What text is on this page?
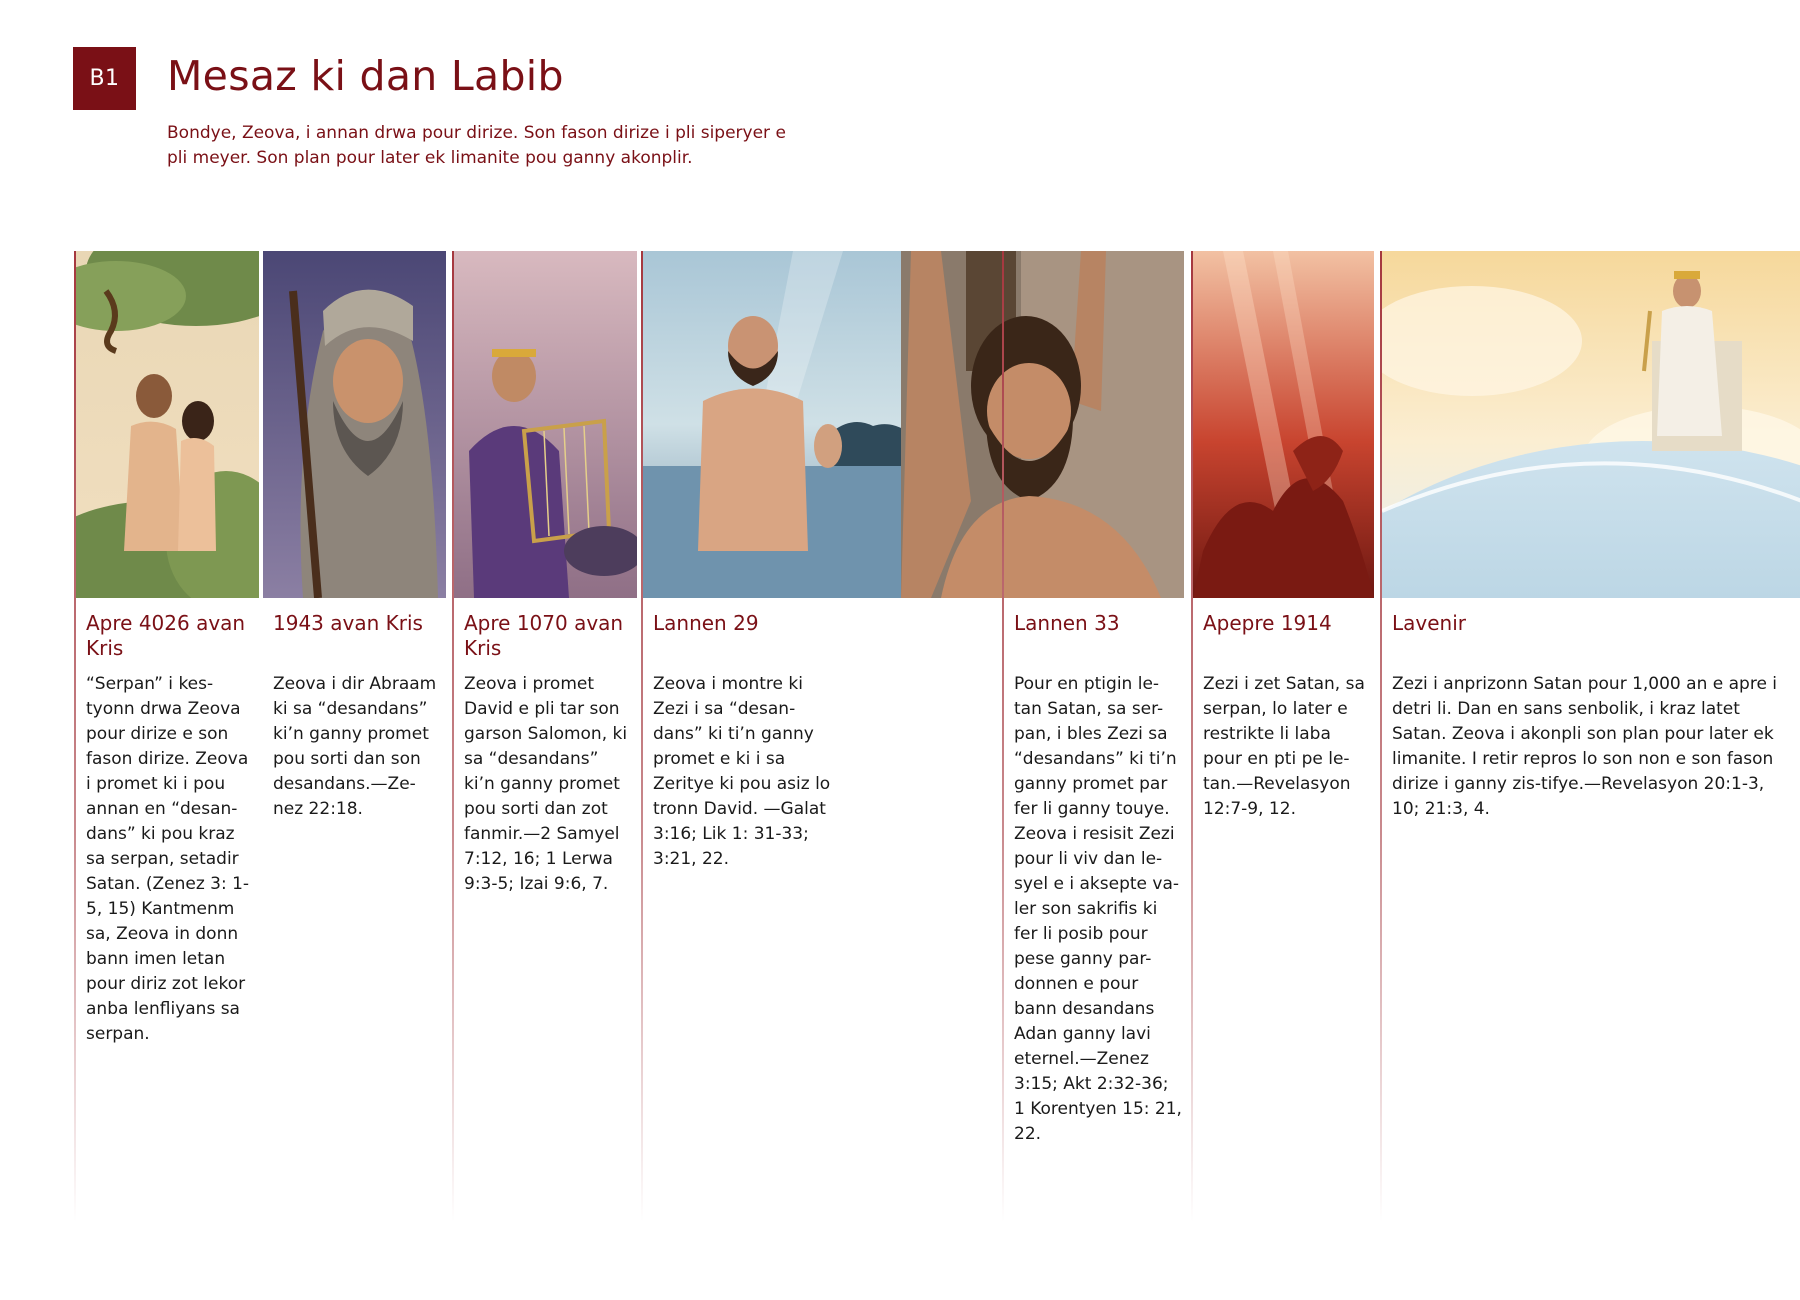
B1	Mesaz ki dan Labib

Bondye, Zeova, i annan drwa pour dirize. Son fason dirize i pli siperyer e pli meyer. Son plan pour later ek limanite pou ganny akonplir.

Apre 4026 avan Kris

“Serpan” i kes-tyonn drwa Zeova pour dirize e son fason dirize. Zeova i promet ki i pou annan en “desan-dans” ki pou kraz sa serpan, setadir Satan. (Zenez 3: 1-5, 15) Kantmenm sa, Zeova in donn bann imen letan pour diriz zot lekor anba lenfliyans sa serpan.

1943 avan Kris

Zeova i dir Abraam ki sa “desandans” ki’n ganny promet pou sorti dan son desandans.—Ze-nez 22:18.

Apre 1070 avan Kris

Zeova i promet David e pli tar son garson Salomon, ki sa “desandans” ki’n ganny promet pou sorti dan zot fanmir.—2 Samyel 7:12, 16; 1 Lerwa 9:3-5; Izai 9:6, 7.

Lannen 29

Zeova i montre ki Zezi i sa “desan-dans” ki ti’n ganny promet e ki i sa Zeritye ki pou asiz lo tronn David. —Galat 3:16; Lik 1: 31-33; 3:21, 22.

Lannen 33

Pour en ptigin le-tan Satan, sa ser-pan, i bles Zezi sa “desandans” ki ti’n ganny promet par fer li ganny touye. Zeova i resisit Zezi pour li viv dan le-syel e i aksepte va-ler son sakrifis ki fer li posib pour pese ganny par-donnen e pour bann desandans Adan ganny lavi eternel.—Zenez 3:15; Akt 2:32-36; 1 Korentyen 15: 21, 22.

Apepre 1914

Zezi i zet Satan, sa serpan, lo later e restrikte li laba pour en pti pe le-tan.—Revelasyon 12:7-9, 12.

Lavenir

Zezi i anprizonn Satan pour 1,000 an e apre i detri li. Dan en sans senbolik, i kraz latet Satan. Zeova i akonpli son plan pour later ek limanite. I retir repros lo son non e son fason dirize i ganny zis-tifye.—Revelasyon 20:1-3, 10; 21:3, 4.
